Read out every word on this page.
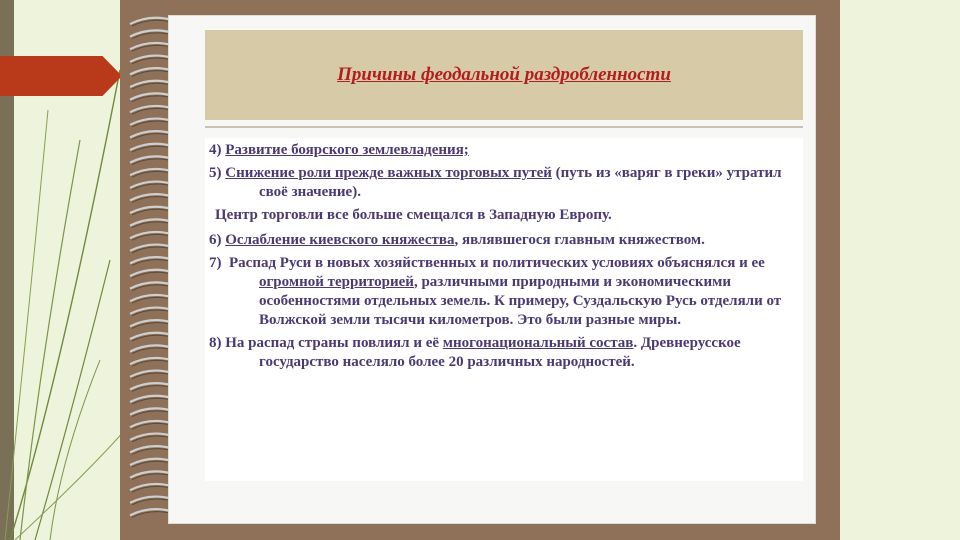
Причины феодальной раздробленности

4) Развитие боярского землевладения;

5) Снижение роли прежде важных торговых путей (путь из «варяг в греки» утратил своё значение).

Центр торговли все больше смещался в Западную Европу.

6) Ослабление киевского княжества, являвшегося главным княжеством.

7) Распад Руси в новых хозяйственных и политических условиях объяснялся и ее огромной территорией, различными природными и экономическими особенностями отдельных земель. К примеру, Суздальскую Русь отделяли от Волжской земли тысячи километров. Это были разные миры.

8) На распад страны повлиял и её многонациональный состав. Древнерусское государство населяло более 20 различных народностей.
